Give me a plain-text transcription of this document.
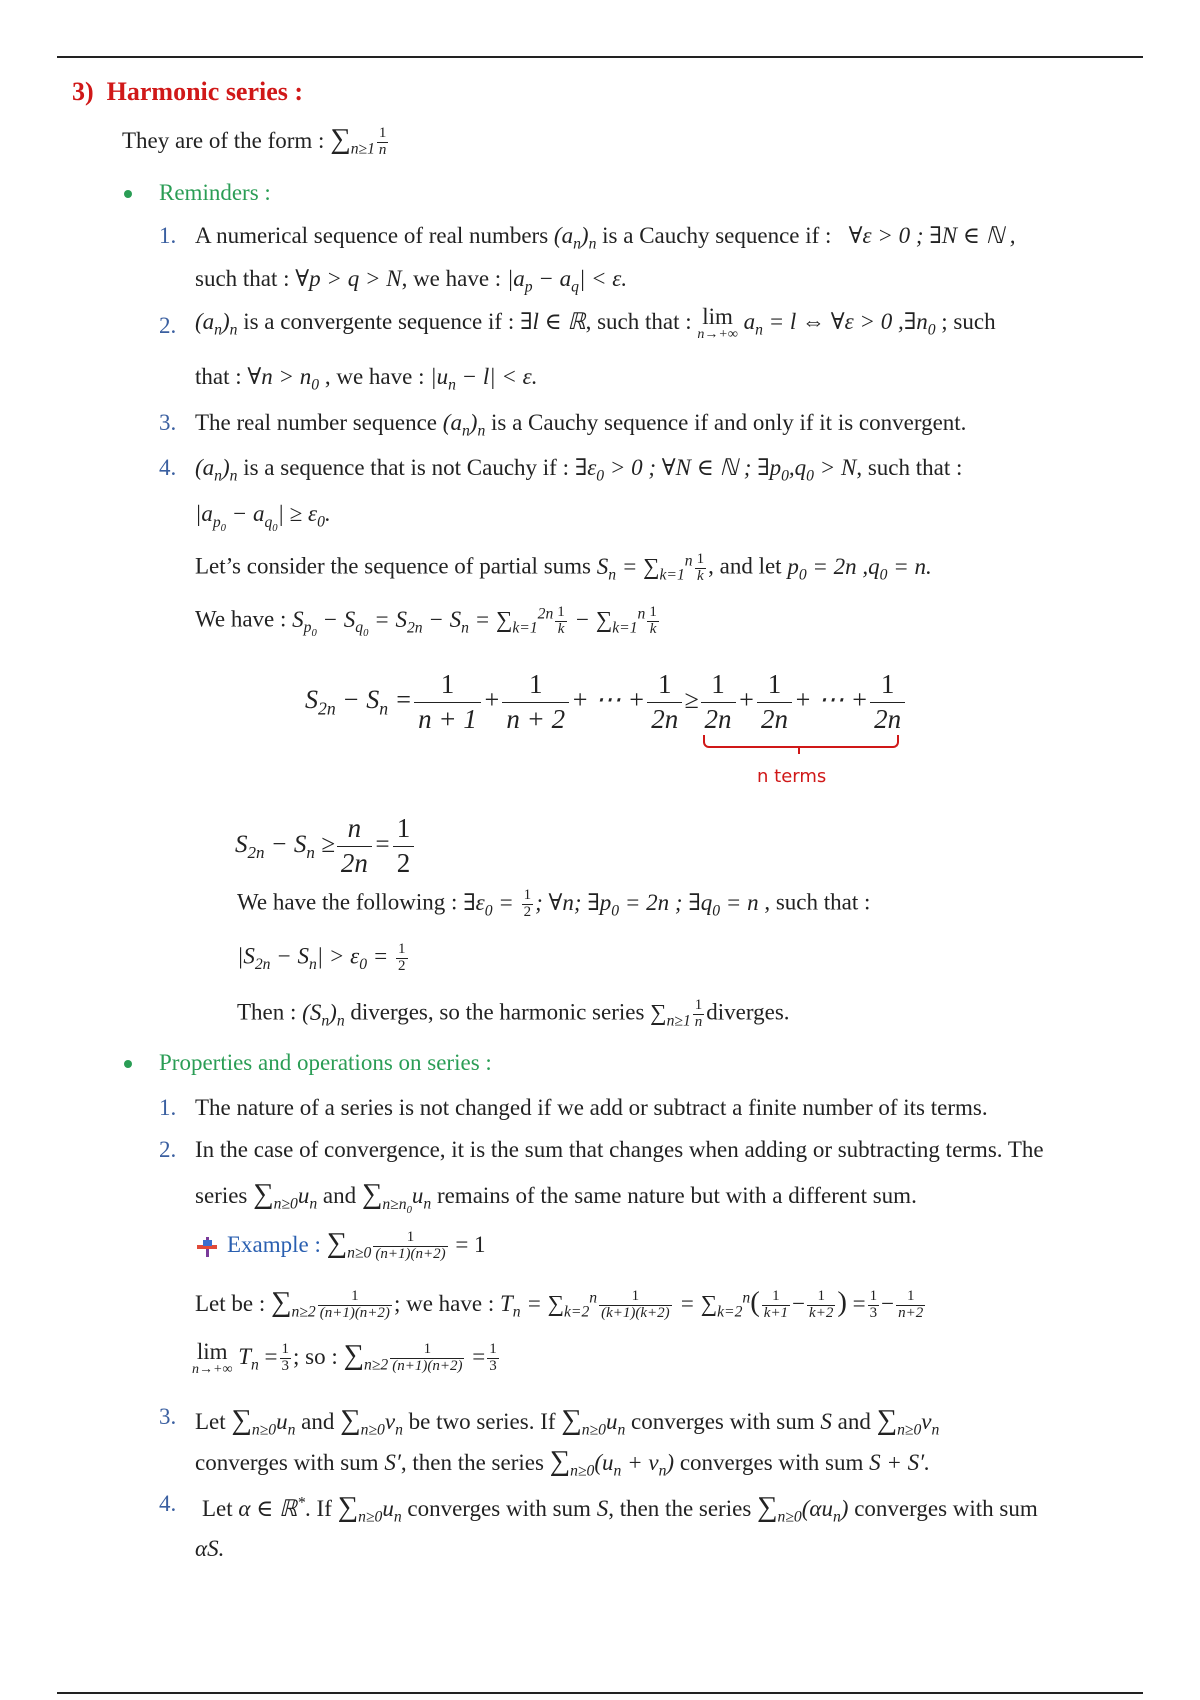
3) Harmonic series :
They are of the form : $\sum_{n\ge 1} \frac{1}{n}$
Reminders :
1. A numerical sequence of real numbers $(a_n)_n$ is a Cauchy sequence if : ∀ε > 0 ; ∃N ∈ ℕ ,
such that : ∀p > q > N, we have : $|a_p - a_q| < \varepsilon$.
2. $(a_n)_n$ is a convergente sequence if : ∃l ∈ ℝ, such that : lim
n→+∞
$a_n = l$ ⇔ ∀ε > 0 $,\exists n_0$ ; such
that : ∀n > $n_0$ , we have : $|u_n - l| < \varepsilon$.
3. The real number sequence $(a_n)_n$ is a Cauchy sequence if and only if it is convergent.
4. $(a_n)_n$ is a sequence that is not Cauchy if : $\exists\varepsilon_0 > 0$ ; ∀N ∈ ℕ ; $\exists p_0,q_0 > N$, such that :
$|a_{p_0} - a_{q_0}| \ge \varepsilon_0$.
Let’s consider the sequence of partial sums $S_n = \sum_{k=1}^n \frac{1}{k}$ , and let $p_0 = 2n$ $,q_0 = n$.
We have : $S_{p_0} - S_{q_0} = S_{2n} - S_n = \sum_{k=1}^{2n} \frac{1}{k} - \sum_{k=1}^n \frac{1}{k}$
$S_{2n} - S_n = \frac{1}{n + 1} + \frac{1}{n + 2}$ + ⋯ + $\frac{1}{2n} \ge \frac{1}{2n} + \frac{1}{2n}$ + ⋯ + $\frac{1}{2n}$
n terms
$S_{2n} - S_n \ge \frac{n}{2n} = \frac{1}{2}$
We have the following : $\exists\varepsilon_0 = \frac{1}{2}$ ; ∀n; $\exists p_0 = 2n$ ; $\exists q_0 = n$ , such that :
$|S_{2n} - S_n| > \varepsilon_0 = \frac{1}{2}$
Then : $(S_n)_n$ diverges, so the harmonic series $\sum_{n\ge 1} \frac{1}{n}$ diverges.
Properties and operations on series :
1. The nature of a series is not changed if we add or subtract a finite number of its terms.
2. In the case of convergence, it is the sum that changes when adding or subtracting terms. The
series $\sum_{n\ge 0}u_n$ and $\sum_{n\ge n_0}u_n$ remains of the same nature but with a different sum.
Example : $\sum_{n\ge 0} \frac{1}{(n+1)(n+2)} = 1$
Let be : $\sum_{n\ge 2} \frac{1}{(n+1)(n+2)}$ ; we have : $T_n = \sum_{k=2}^n \frac{1}{(k+1)(k+2)} = \sum_{k=2}^n( \frac{1}{k+1} - \frac{1}{k+2}$ ) = $\frac{1}{3} - \frac{1}{n+2}$
lim
n→+∞
$T_n = \frac{1}{3}$ ; so : $\sum_{n\ge 2} \frac{1}{(n+1)(n+2)} = \frac{1}{3}$
3. Let $\sum_{n\ge 0}u_n$ and $\sum_{n\ge 0}v_n$ be two series. If $\sum_{n\ge 0}u_n$ converges with sum S and $\sum_{n\ge 0}v_n$
converges with sum S′, then the series $\sum_{n\ge 0}(u_n + v_n)$ converges with sum S + S′.
4. Let α ∈ ℝ*. If $\sum_{n\ge 0}u_n$ converges with sum S, then the series $\sum_{n\ge 0}(\alpha u_n)$ converges with sum
αS.
